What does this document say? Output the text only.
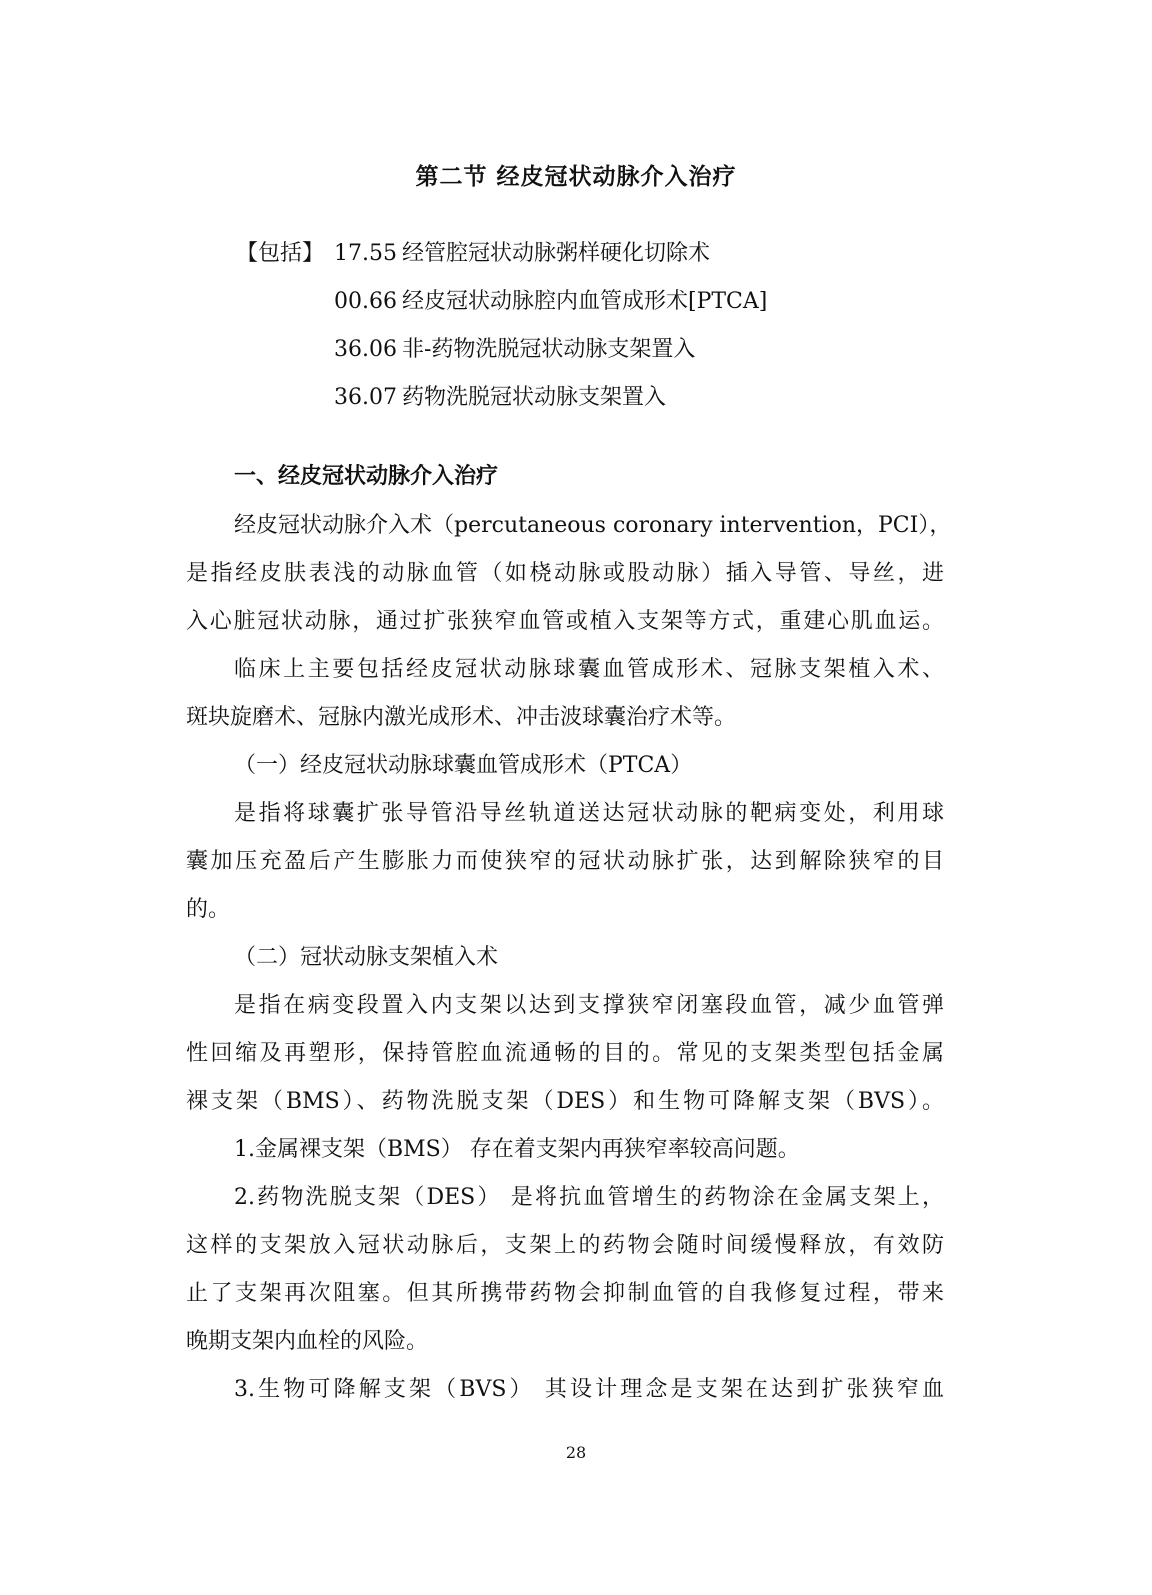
第二节 经皮冠状动脉介入治疗
【包括】 17.55 经管腔冠状动脉粥样硬化切除术
00.66 经皮冠状动脉腔内血管成形术[PTCA]
36.06 非-药物洗脱冠状动脉支架置入
36.07 药物洗脱冠状动脉支架置入
一、经皮冠状动脉介入治疗
经皮冠状动脉介入术（percutaneous coronary intervention，PCI），
是指经皮肤表浅的动脉血管（如桡动脉或股动脉）插入导管、导丝，进
入心脏冠状动脉，通过扩张狭窄血管或植入支架等方式，重建心肌血运。
临床上主要包括经皮冠状动脉球囊血管成形术、冠脉支架植入术、
斑块旋磨术、冠脉内激光成形术、冲击波球囊治疗术等。
（一）经皮冠状动脉球囊血管成形术（PTCA）
是指将球囊扩张导管沿导丝轨道送达冠状动脉的靶病变处，利用球
囊加压充盈后产生膨胀力而使狭窄的冠状动脉扩张，达到解除狭窄的目
的。
（二）冠状动脉支架植入术
是指在病变段置入内支架以达到支撑狭窄闭塞段血管，减少血管弹
性回缩及再塑形，保持管腔血流通畅的目的。常见的支架类型包括金属
裸支架（BMS）、药物洗脱支架（DES）和生物可降解支架（BVS）。
1.金属裸支架（BMS） 存在着支架内再狭窄率较高问题。
2.药物洗脱支架（DES） 是将抗血管增生的药物涂在金属支架上，
这样的支架放入冠状动脉后，支架上的药物会随时间缓慢释放，有效防
止了支架再次阻塞。但其所携带药物会抑制血管的自我修复过程，带来
晚期支架内血栓的风险。
3.生物可降解支架（BVS） 其设计理念是支架在达到扩张狭窄血
28
